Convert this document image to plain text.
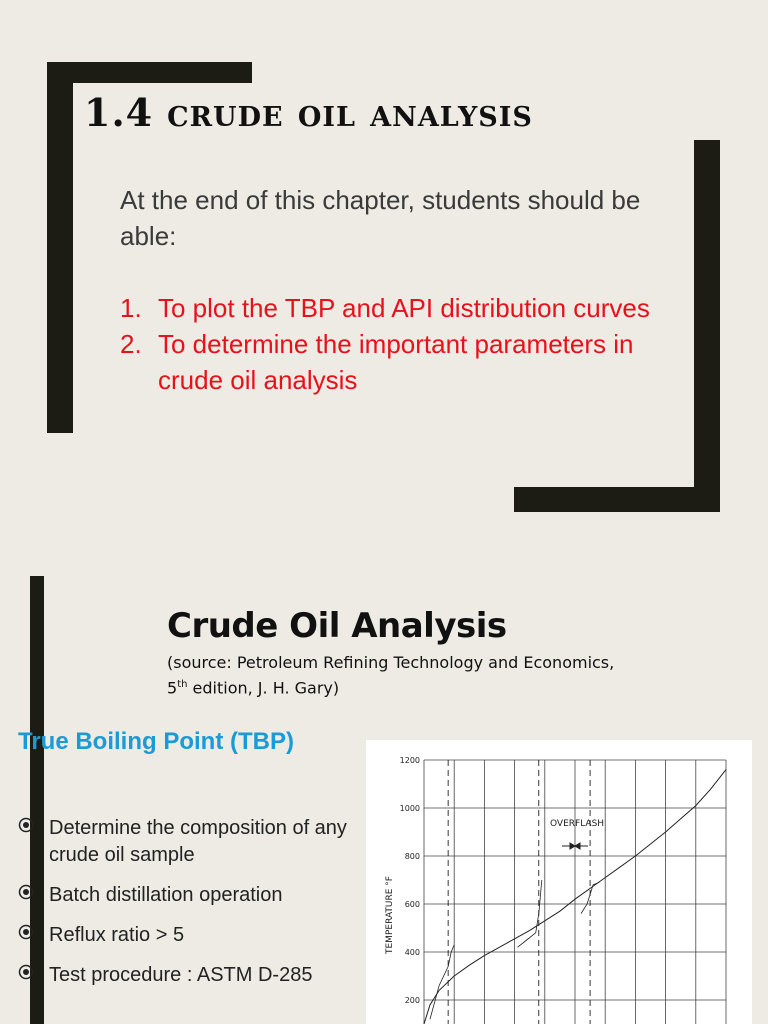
1.4 crude oil analysis

At the end of this chapter, students should be able:

1. To plot the TBP and API distribution curves
2. To determine the important parameters in crude oil analysis
Crude Oil Analysis

(source: Petroleum Refining Technology and Economics,
5th edition, J. H. Gary)

True Boiling Point (TBP)
Determine the composition of any crude oil sample
Batch distillation operation
Reflux ratio > 5
Test procedure : ASTM D-285
200
400
600
800
1000
1200
TEMPERATURE °F
OVERFLASH
